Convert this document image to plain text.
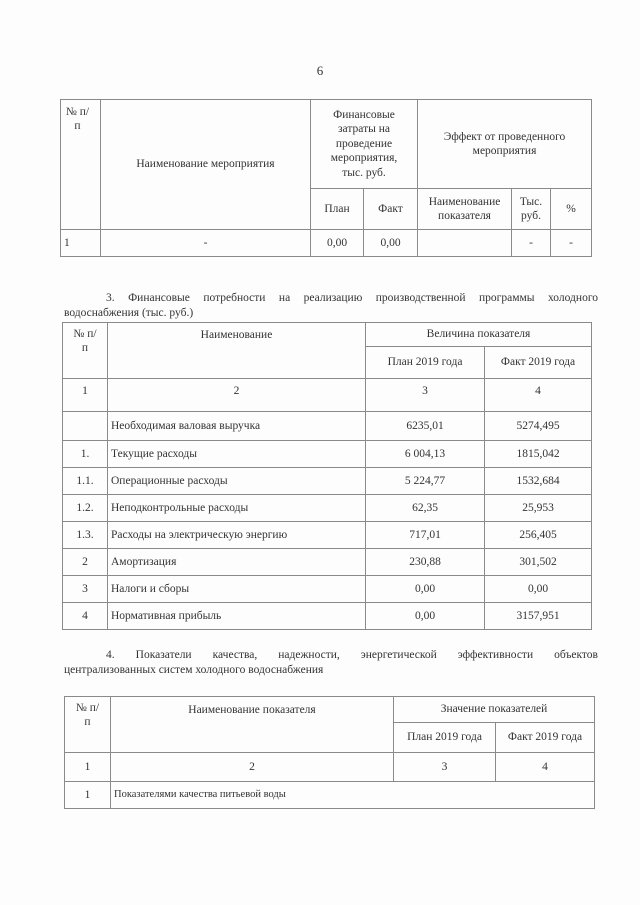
6
№ п/п	Наименование мероприятия	Финансовые затраты на проведение мероприятия, тыс. руб.		Эффект от проведенного мероприятия		
		План	Факт	Наименование показателя	Тыс. руб.	%
1	-	0,00	0,00		-	-
3. Финансовые потребности на реализацию производственной программы холодного
водоснабжения (тыс. руб.)
№ п/п	Наименование	Величина показателя	
		План 2019 года	Факт 2019 года
1	2	3	4
	Необходимая валовая выручка	6235,01	5274,495
1.	Текущие расходы	6 004,13	1815,042
1.1.	Операционные расходы	5 224,77	1532,684
1.2.	Неподконтрольные расходы	62,35	25,953
1.3.	Расходы на электрическую энергию	717,01	256,405
2	Амортизация	230,88	301,502
3	Налоги и сборы	0,00	0,00
4	Нормативная прибыль	0,00	3157,951
4. Показатели качества, надежности, энергетической эффективности объектов
централизованных систем холодного водоснабжения
№ п/п	Наименование показателя	Значение показателей	
		План 2019 года	Факт 2019 года
1	2	3	4
1	Показателями качества питьевой воды		
